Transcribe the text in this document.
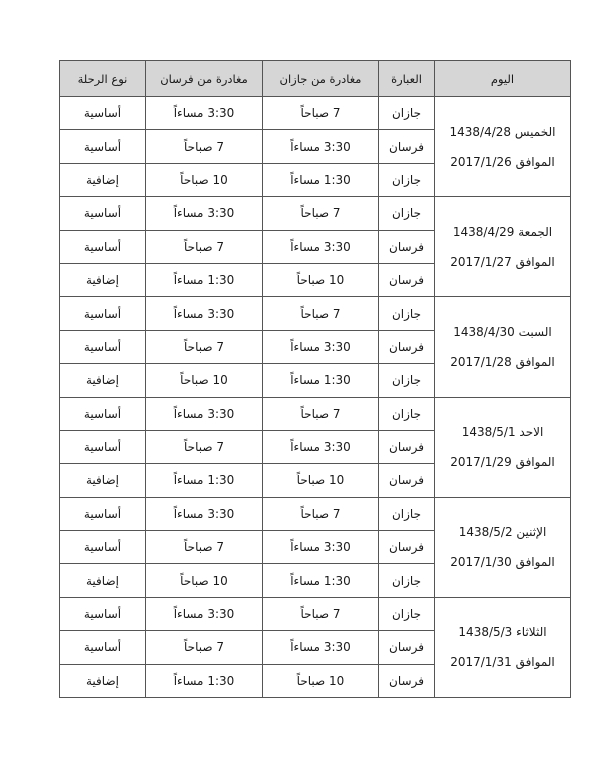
اليوم	العبارة	مغادرة من جازان	مغادرة من فرسان	نوع الرحلة

الخميس 1438/4/28
الموافق 2017/1/26	جازان	7 صباحاً	3:30 مساءاً	أساسية
	فرسان	3:30 مساءاً	7 صباحاً	أساسية
	جازان	1:30 مساءاً	10 صباحاً	إضافية

الجمعة 1438/4/29
الموافق 2017/1/27	جازان	7 صباحاً	3:30 مساءاً	أساسية
	فرسان	3:30 مساءاً	7 صباحاً	أساسية
	فرسان	10 صباحاً	1:30 مساءاً	إضافية

السبت 1438/4/30
الموافق 2017/1/28	جازان	7 صباحاً	3:30 مساءاً	أساسية
	فرسان	3:30 مساءاً	7 صباحاً	أساسية
	جازان	1:30 مساءاً	10 صباحاً	إضافية

الاحد 1438/5/1
الموافق 2017/1/29	جازان	7 صباحاً	3:30 مساءاً	أساسية
	فرسان	3:30 مساءاً	7 صباحاً	أساسية
	فرسان	10 صباحاً	1:30 مساءاً	إضافية

الإثنين 1438/5/2
الموافق 2017/1/30	جازان	7 صباحاً	3:30 مساءاً	أساسية
	فرسان	3:30 مساءاً	7 صباحاً	أساسية
	جازان	1:30 مساءاً	10 صباحاً	إضافية

الثلاثاء 1438/5/3
الموافق 2017/1/31	جازان	7 صباحاً	3:30 مساءاً	أساسية
	فرسان	3:30 مساءاً	7 صباحاً	أساسية
	فرسان	10 صباحاً	1:30 مساءاً	إضافية
